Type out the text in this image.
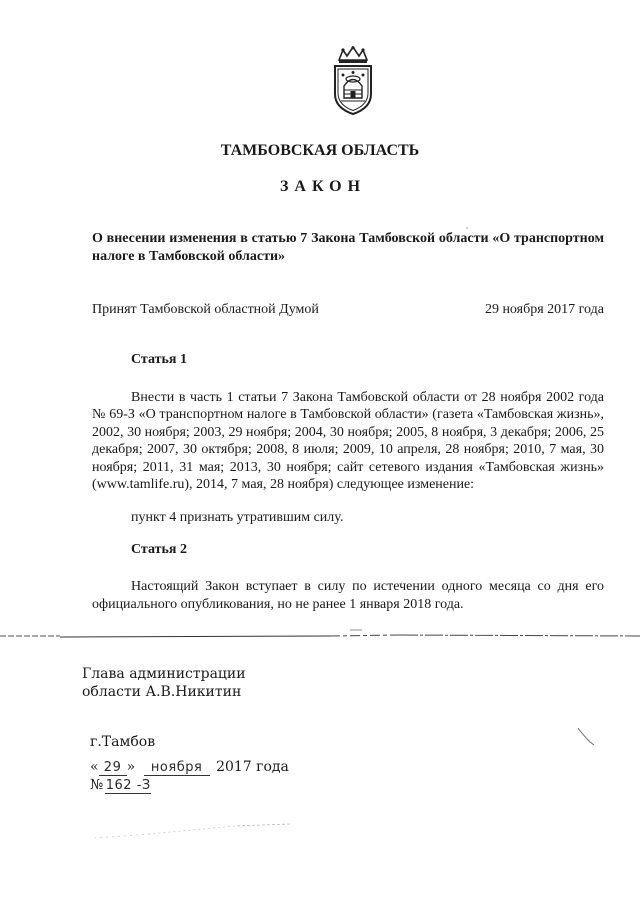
ТАМБОВСКАЯ ОБЛАСТЬ
ЗАКОН
О внесении изменения в статью 7 Закона Тамбовской области «О транспортном налоге в Тамбовской области»
Принят Тамбовской областной Думой	29 ноября 2017 года
Статья 1
Внести в часть 1 статьи 7 Закона Тамбовской области от 28 ноября 2002 года № 69-З «О транспортном налоге в Тамбовской области» (газета «Тамбовская жизнь», 2002, 30 ноября; 2003, 29 ноября; 2004, 30 ноября; 2005, 8 ноября, 3 декабря; 2006, 25 декабря; 2007, 30 октября; 2008, 8 июля; 2009, 10 апреля, 28 ноября; 2010, 7 мая, 30 ноября; 2011, 31 мая; 2013, 30 ноября; сайт сетевого издания «Тамбовская жизнь» (www.tamlife.ru), 2014, 7 мая, 28 ноября) следующее изменение:
пункт 4 признать утратившим силу.
Статья 2
Настоящий Закон вступает в силу по истечении одного месяца со дня его официального опубликования, но не ранее 1 января 2018 года.
Глава администрации
области А.В.Никитин
г.Тамбов
« 29 » ноября 2017 года
№ 162 -З
